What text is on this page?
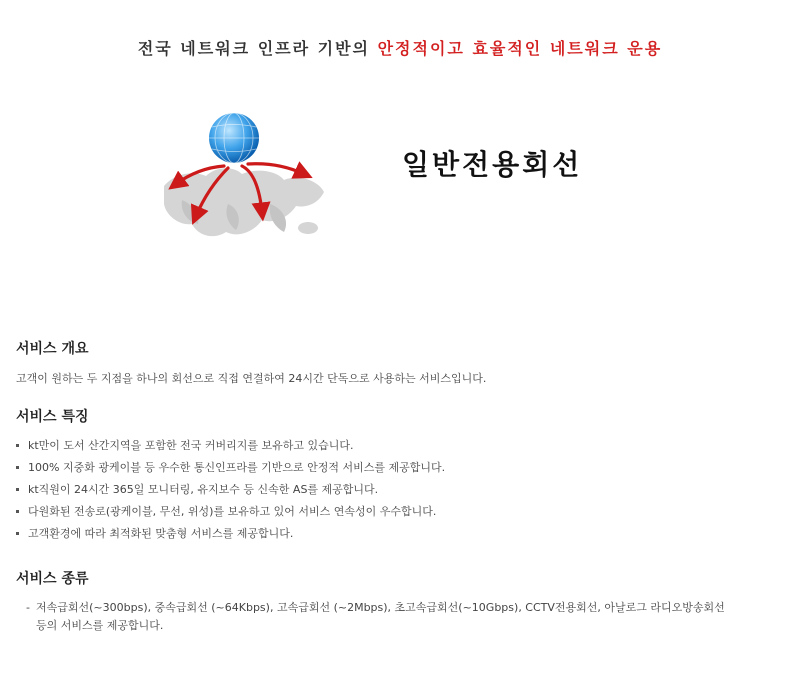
전국 네트워크 인프라 기반의 안정적이고 효율적인 네트워크 운용
일반전용회선
서비스 개요
고객이 원하는 두 지점을 하나의 회선으로 직접 연결하여 24시간 단독으로 사용하는 서비스입니다.
서비스 특징
kt만이 도서 산간지역을 포함한 전국 커버리지를 보유하고 있습니다.
100% 지중화 광케이블 등 우수한 통신인프라를 기반으로 안정적 서비스를 제공합니다.
kt직원이 24시간 365일 모니터링, 유지보수 등 신속한 AS를 제공합니다.
다원화된 전송로(광케이블, 무선, 위성)를 보유하고 있어 서비스 연속성이 우수합니다.
고객환경에 따라 최적화된 맞춤형 서비스를 제공합니다.
서비스 종류
- 저속급회선(~300bps), 중속급회선 (~64Kbps), 고속급회선 (~2Mbps), 초고속급회선(~10Gbps), CCTV전용회선, 아날로그 라디오방송회선
등의 서비스를 제공합니다.
